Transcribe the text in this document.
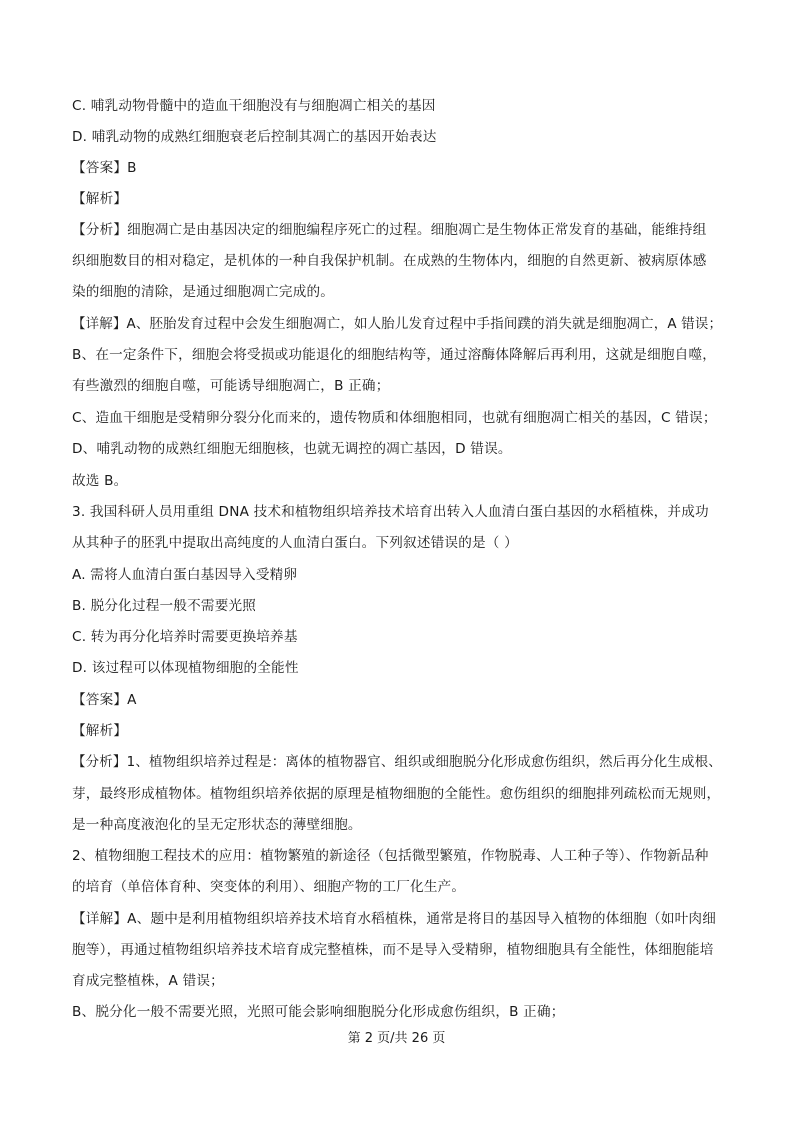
C. 哺乳动物骨髓中的造血干细胞没有与细胞凋亡相关的基因
D. 哺乳动物的成熟红细胞衰老后控制其凋亡的基因开始表达
【答案】B
【解析】
【分析】细胞凋亡是由基因决定的细胞编程序死亡的过程。细胞凋亡是生物体正常发育的基础，能维持组
织细胞数目的相对稳定，是机体的一种自我保护机制。在成熟的生物体内，细胞的自然更新、被病原体感
染的细胞的清除，是通过细胞凋亡完成的。
【详解】A、胚胎发育过程中会发生细胞凋亡，如人胎儿发育过程中手指间蹼的消失就是细胞凋亡，A 错误；
B、在一定条件下，细胞会将受损或功能退化的细胞结构等，通过溶酶体降解后再利用，这就是细胞自噬，
有些激烈的细胞自噬，可能诱导细胞凋亡，B 正确；
C、造血干细胞是受精卵分裂分化而来的，遗传物质和体细胞相同，也就有细胞凋亡相关的基因，C 错误；
D、哺乳动物的成熟红细胞无细胞核，也就无调控的凋亡基因，D 错误。
故选 B。
3. 我国科研人员用重组 DNA 技术和植物组织培养技术培育出转入人血清白蛋白基因的水稻植株，并成功
从其种子的胚乳中提取出高纯度的人血清白蛋白。下列叙述错误的是（ ）
A. 需将人血清白蛋白基因导入受精卵
B. 脱分化过程一般不需要光照
C. 转为再分化培养时需要更换培养基
D. 该过程可以体现植物细胞的全能性
【答案】A
【解析】
【分析】1、植物组织培养过程是：离体的植物器官、组织或细胞脱分化形成愈伤组织，然后再分化生成根、
芽，最终形成植物体。植物组织培养依据的原理是植物细胞的全能性。愈伤组织的细胞排列疏松而无规则，
是一种高度液泡化的呈无定形状态的薄壁细胞。
2、植物细胞工程技术的应用：植物繁殖的新途径（包括微型繁殖，作物脱毒、人工种子等）、作物新品种
的培育（单倍体育种、突变体的利用）、细胞产物的工厂化生产。
【详解】A、题中是利用植物组织培养技术培育水稻植株，通常是将目的基因导入植物的体细胞（如叶肉细
胞等），再通过植物组织培养技术培育成完整植株，而不是导入受精卵，植物细胞具有全能性，体细胞能培
育成完整植株，A 错误；
B、脱分化一般不需要光照，光照可能会影响细胞脱分化形成愈伤组织，B 正确；
第 2 页/共 26 页
